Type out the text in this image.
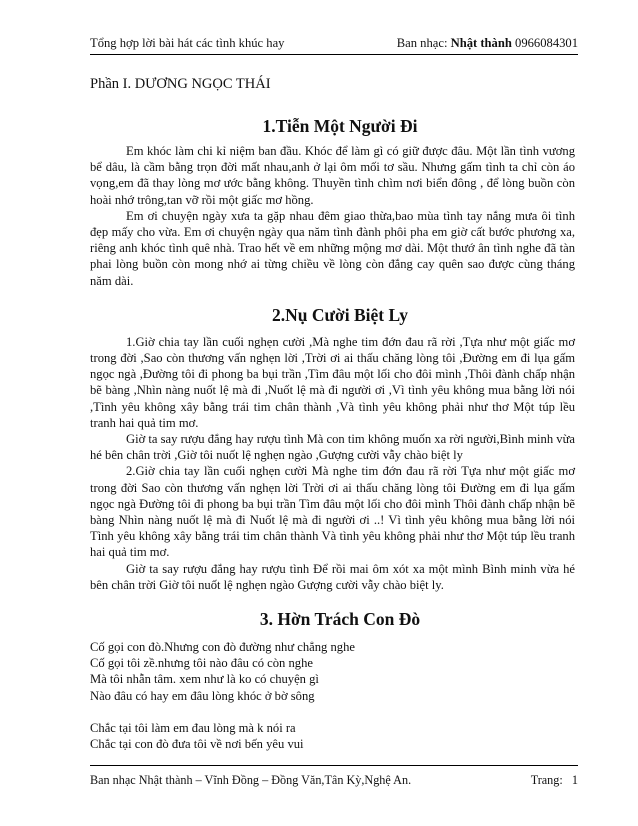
Tổng hợp lời bài hát các tình khúc hay	Ban nhạc: Nhật thành 0966084301
Phần I. DƯƠNG NGỌC THÁI
1.Tiễn Một Người Đi

Em khóc làm chi kỉ niệm ban đầu. Khóc để làm gì có giữ được đâu. Một lần tình vương bể dâu, là cầm bằng trọn đời mất nhau,anh ở lại ôm mối tơ sầu. Nhưng gấm tình ta chỉ còn áo vọng,em đã thay lòng mơ ước bằng không. Thuyền tình chìm nơi biển đông , để lòng buồn còn hoài nhớ trông,tan vỡ rồi một giấc mơ hồng.

Em ơi chuyện ngày xưa ta gặp nhau đêm giao thừa,bao mùa tình tay nắng mưa ôi tình đẹp mấy cho vừa. Em ơi chuyện ngày qua năm tình đành phôi pha em giờ cất bước phương xa, riêng anh khóc tình quê nhà. Trao hết về em những mộng mơ dài. Một thướ ân tình nghe đã tàn phai lòng buồn còn mong nhớ ai từng chiều về lòng còn đắng cay quên sao được cùng tháng năm dài.

2.Nụ Cười Biệt Ly

1.Giờ chia tay lần cuối nghẹn cười ,Mà nghe tim đớn đau rã rời ,Tựa như một giấc mơ trong đời ,Sao còn thương vấn nghẹn lời ,Trời ơi ai thấu chăng lòng tôi ,Đường em đi lụa gấm ngọc ngà ,Đường tôi đi phong ba bụi trần ,Tìm đâu một lối cho đôi mình ,Thôi đành chấp nhận bẽ bàng ,Nhìn nàng nuốt lệ mà đi ,Nuốt lệ mà đi người ơi ,Vì tình yêu không mua bằng lời nói ,Tình yêu không xây bằng trái tim chân thành ,Và tình yêu không phải như thơ Một túp lều tranh hai quả tim mơ.

Giờ ta say rượu đắng hay rượu tình Mà con tim không muốn xa rời người,Bình minh vừa hé bên chân trời ,Giờ tôi nuốt lệ nghẹn ngào ,Gượng cười vẫy chào biệt ly

2.Giờ chia tay lần cuối nghẹn cười Mà nghe tim đớn đau rã rời Tựa như một giấc mơ trong đời Sao còn thương vấn nghẹn lời Trời ơi ai thấu chăng lòng tôi Đường em đi lụa gấm ngọc ngà Đường tôi đi phong ba bụi trần Tìm đâu một lối cho đôi mình Thôi đành chấp nhận bẽ bàng Nhìn nàng nuốt lệ mà đi Nuốt lệ mà đi người ơi ..! Vì tình yêu không mua bằng lời nói Tình yêu không xây bằng trái tim chân thành Và tình yêu không phải như thơ Một túp lều tranh hai quả tim mơ.

Giờ ta say rượu đắng hay rượu tình Để rồi mai ôm xót xa một mình Bình minh vừa hé bên chân trời Giờ tôi nuốt lệ nghẹn ngào Gượng cười vẫy chào biệt ly.

3. Hờn Trách Con Đò

Cố gọi con đò.Nhưng con đò đường như chẳng nghe

Cố gọi tôi zề.nhưng tôi nào đâu có còn nghe

Mà tôi nhẫn tâm. xem như là ko có chuyện gì

Nào đâu có hay em đâu lòng khóc ở bờ sông

Chắc tại tôi làm em đau lòng mà k nói ra

Chắc tại con đò đưa tôi về nơi bến yêu vui

Ban nhạc Nhật thành – Vĩnh Đồng – Đồng Văn,Tân Kỳ,Nghệ An.	Trang: 1
